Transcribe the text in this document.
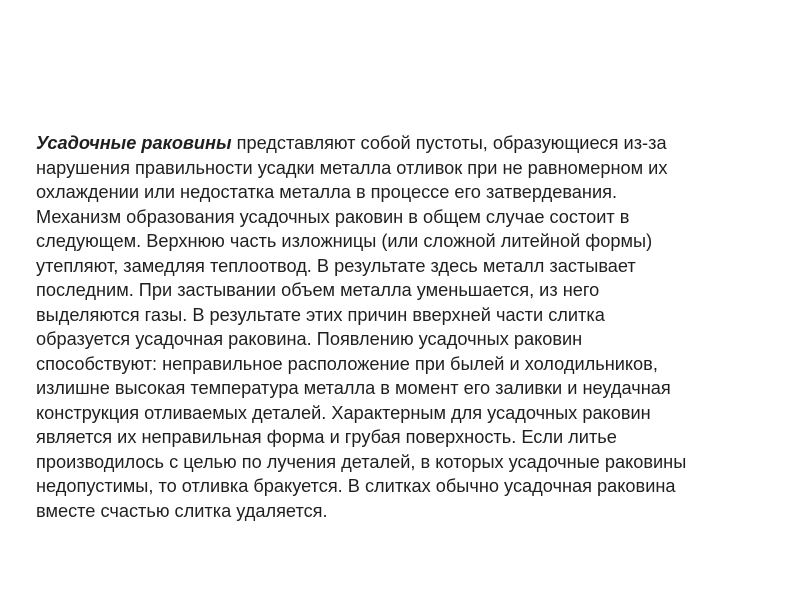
Усадочные раковины представляют собой пустоты, образующиеся из-за
нарушения правильности усадки металла отливок при не равномерном их
охлаждении или недостатка металла в процессе его затвердевания.
Механизм образования усадочных раковин в общем случае состоит в
следующем. Верхнюю часть изложницы (или сложной литейной формы)
утепляют, замедляя теплоотвод. В результате здесь металл застывает
последним. При застывании объем металла уменьшается, из него
выделяются газы. В результате этих причин вверхней части слитка
образуется усадочная раковина. Появлению усадочных раковин
способствуют: неправильное расположение при былей и холодильников,
излишне высокая температура металла в момент его заливки и неудачная
конструкция отливаемых деталей. Характерным для усадочных раковин
является их неправильная форма и грубая поверхность. Если литье
производилось с целью по лучения деталей, в которых усадочные раковины
недопустимы, то отливка бракуется. В слитках обычно усадочная раковина
вместе счастью слитка удаляется.
